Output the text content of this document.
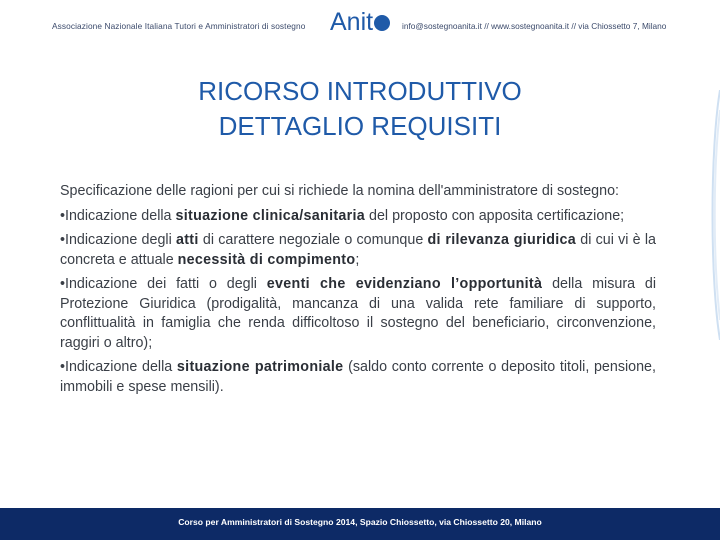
Associazione Nazionale Italiana Tutori e Amministratori di sostegno Anit	info@sostegnoanita.it // www.sostegnoanita.it // via Chiossetto 7, Milano
RICORSO INTRODUTTIVO
DETTAGLIO REQUISITI

Specificazione delle ragioni per cui si richiede la nomina dell'amministratore di sostegno:

•Indicazione della situazione clinica/sanitaria del proposto con apposita certificazione;

•Indicazione degli atti di carattere negoziale o comunque di rilevanza giuridica di cui vi è la concreta e attuale necessità di compimento;

•Indicazione dei fatti o degli eventi che evidenziano l’opportunità della misura di Protezione Giuridica (prodigalità, mancanza di una valida rete familiare di supporto, conflittualità in famiglia che renda difficoltoso il sostegno del beneficiario, circonvenzione, raggiri o altro);

•Indicazione della situazione patrimoniale (saldo conto corrente o deposito titoli, pensione, immobili e spese mensili).

Corso per Amministratori di Sostegno 2014, Spazio Chiossetto, via Chiossetto 20, Milano
